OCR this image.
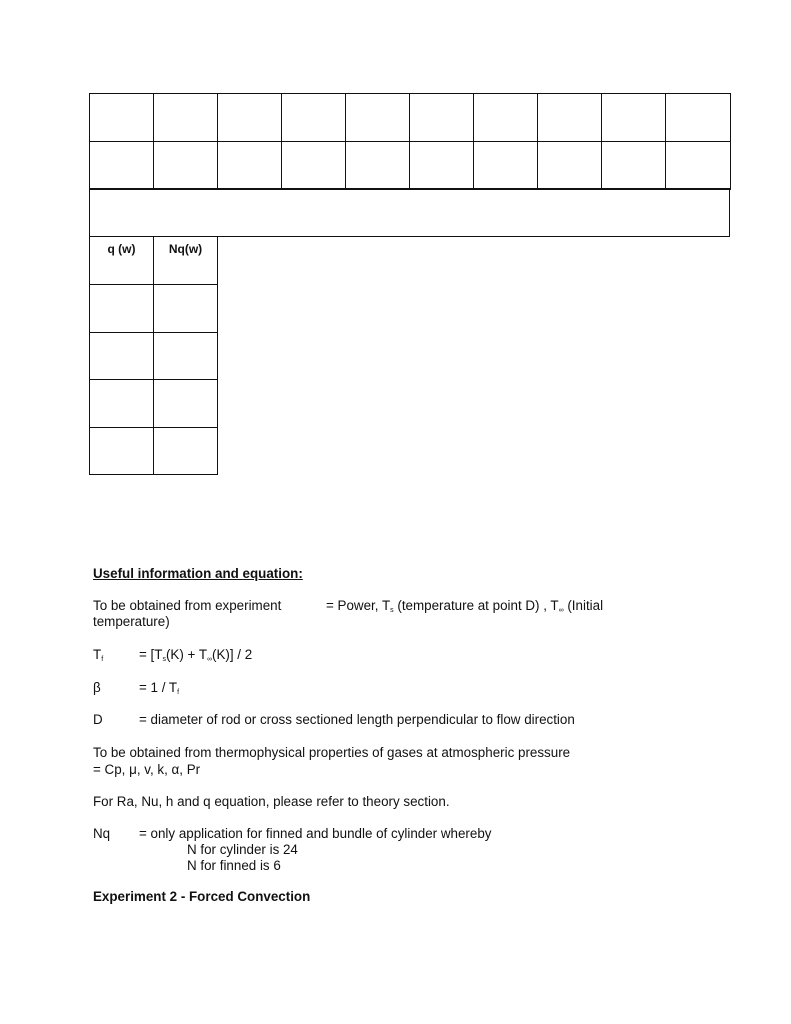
q (w)	Nq(w)
Useful information and equation:
To be obtained from experiment	= Power, $T_s$ (temperature at point D) , $T_\infty$ (Initial
temperature)
$T_f$	= $[T_s(K) + T_\infty(K)] / 2$
β	= $1 / T_f$
D	= diameter of rod or cross sectioned length perpendicular to flow direction
To be obtained from thermophysical properties of gases at atmospheric pressure
= Cp, μ, v, k, α, Pr
For Ra, Nu, h and q equation, please refer to theory section.
Nq = only application for finned and bundle of cylinder whereby
N for cylinder is 24
N for finned is 6
Experiment 2 - Forced Convection
